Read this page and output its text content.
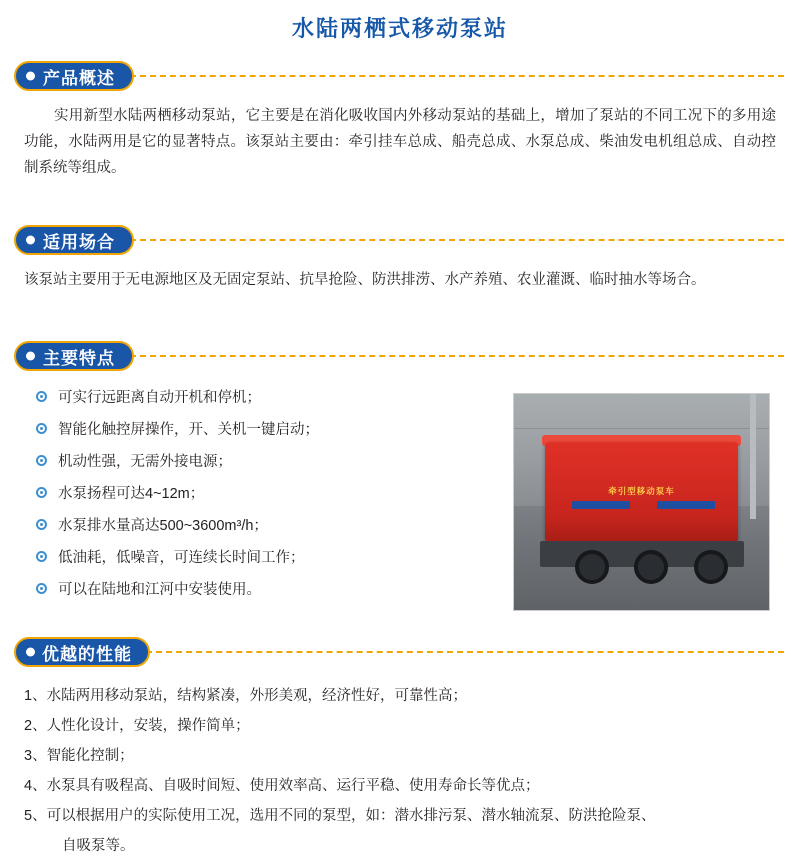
水陆两栖式移动泵站
产品概述

实用新型水陆两栖移动泵站，它主要是在消化吸收国内外移动泵站的基础上，增加了泵站的不同工况下的多用途功能，水陆两用是它的显著特点。该泵站主要由：牵引挂车总成、船壳总成、水泵总成、柴油发电机组总成、自动控制系统等组成。

适用场合

该泵站主要用于无电源地区及无固定泵站、抗旱抢险、防洪排涝、水产养殖、农业灌溉、临时抽水等场合。

主要特点
可实行远距离自动开机和停机；
智能化触控屏操作，开、关机一键启动；
机动性强，无需外接电源；
水泵扬程可达4~12m；
水泵排水量高达500~3600m³/h；
低油耗，低噪音，可连续长时间工作；
可以在陆地和江河中安装使用。
牵引型移动泵车
优越的性能
1、水陆两用移动泵站，结构紧凑，外形美观，经济性好，可靠性高；
2、人性化设计，安装，操作简单；
3、智能化控制；
4、水泵具有吸程高、自吸时间短、使用效率高、运行平稳、使用寿命长等优点；
5、可以根据用户的实际使用工况，选用不同的泵型，如：潜水排污泵、潜水轴流泵、防洪抢险泵、
自吸泵等。
